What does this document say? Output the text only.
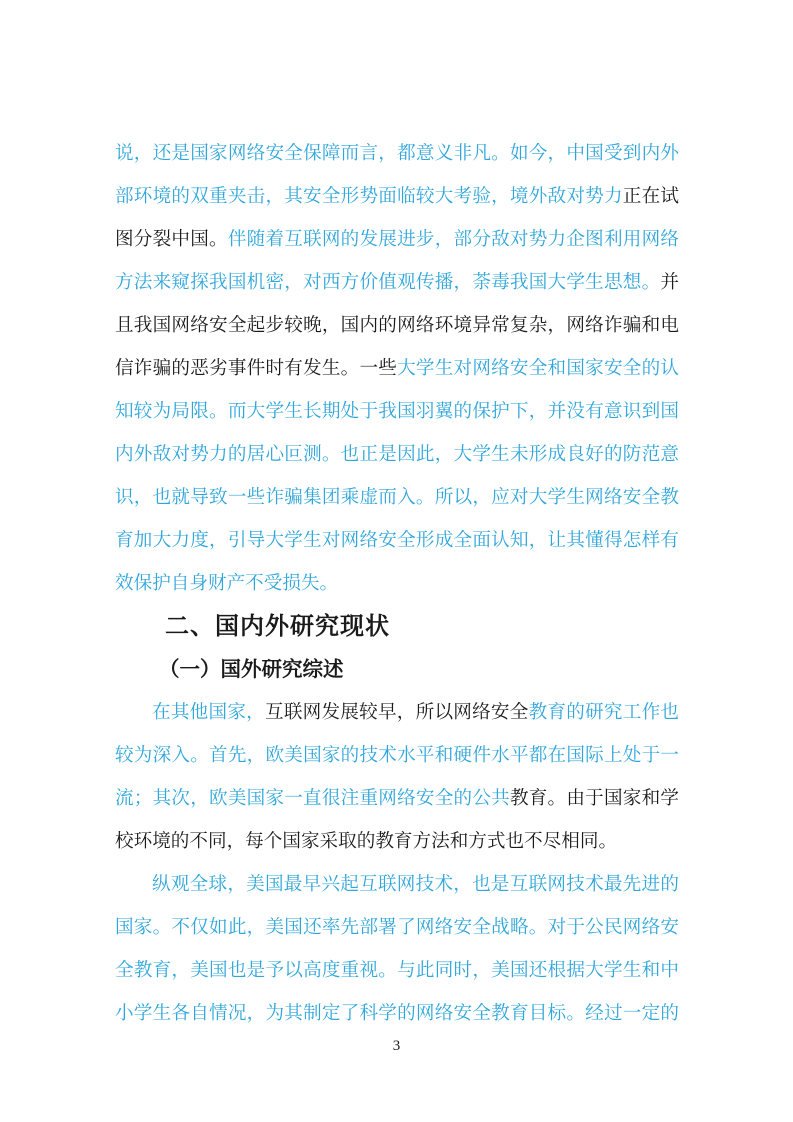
说，还是国家网络安全保障而言，都意义非凡。如今，中国受到内外
部环境的双重夹击，其安全形势面临较大考验，境外敌对势力正在试
图分裂中国。伴随着互联网的发展进步，部分敌对势力企图利用网络
方法来窥探我国机密，对西方价值观传播，荼毒我国大学生思想。并
且我国网络安全起步较晚，国内的网络环境异常复杂，网络诈骗和电
信诈骗的恶劣事件时有发生。一些大学生对网络安全和国家安全的认
知较为局限。而大学生长期处于我国羽翼的保护下，并没有意识到国
内外敌对势力的居心叵测。也正是因此，大学生未形成良好的防范意
识，也就导致一些诈骗集团乘虚而入。所以，应对大学生网络安全教
育加大力度，引导大学生对网络安全形成全面认知，让其懂得怎样有
效保护自身财产不受损失。
二、国内外研究现状
（一）国外研究综述
在其他国家，互联网发展较早，所以网络安全教育的研究工作也
较为深入。首先，欧美国家的技术水平和硬件水平都在国际上处于一
流；其次，欧美国家一直很注重网络安全的公共教育。由于国家和学
校环境的不同，每个国家采取的教育方法和方式也不尽相同。
纵观全球，美国最早兴起互联网技术，也是互联网技术最先进的
国家。不仅如此，美国还率先部署了网络安全战略。对于公民网络安
全教育，美国也是予以高度重视。与此同时，美国还根据大学生和中
小学生各自情况，为其制定了科学的网络安全教育目标。经过一定的
3
